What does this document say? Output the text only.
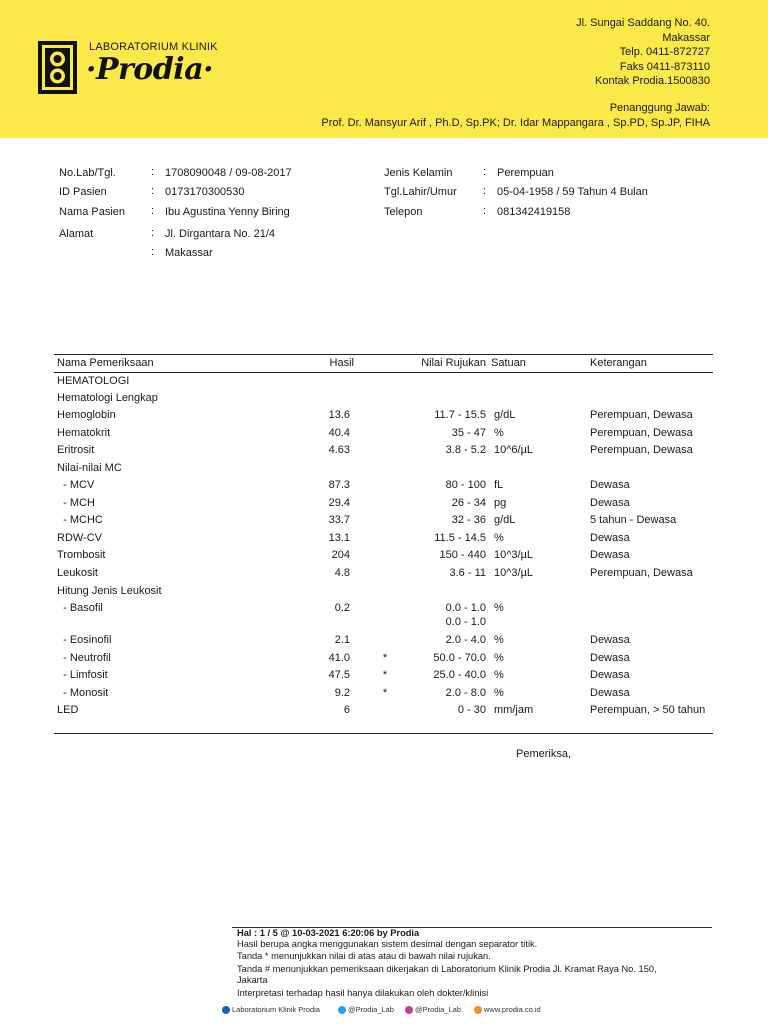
LABORATORIUM KLINIK
·Prodia·
Jl. Sungai Saddang No. 40.
Makassar
Telp. 0411-872727
Faks 0411-873110
Kontak Prodia.1500830
Penanggung Jawab:
Prof. Dr. Mansyur Arif , Ph.D, Sp.PK; Dr. Idar Mappangara , Sp.PD, Sp.JP, FIHA
No.Lab/Tgl.	: 1708090048 / 09-08-2017
ID Pasien	: 0173170300530
Nama Pasien : Ibu Agustina Yenny Biring
Alamat	: Jl. Dirgantara No. 21/4
: Makassar
Jenis Kelamin	: Perempuan
Tgl.Lahir/Umur : 05-04-1958 / 59 Tahun 4 Bulan
Telepon	: 081342419158
Nama Pemeriksaan	Hasil	Nilai Rujukan Satuan	Keterangan
HEMATOLOGI
Hematologi Lengkap
Hemoglobin	13.6	11.7 - 15.5 g/dL	Perempuan, Dewasa
Hematokrit	40.4	35 - 47 %	Perempuan, Dewasa
Eritrosit	4.63	3.8 - 5.2 10^6/µL	Perempuan, Dewasa
Nilai-nilai MC
- MCV	87.3	80 - 100 fL	Dewasa
- MCH	29.4	26 - 34 pg	Dewasa
- MCHC	33.7	32 - 36 g/dL	5 tahun - Dewasa
RDW-CV	13.1	11.5 - 14.5 %	Dewasa
Trombosit	204	150 - 440 10^3/µL	Dewasa
Leukosit	4.8	3.6 - 11 10^3/µL	Perempuan, Dewasa
Hitung Jenis Leukosit
- Basofil	0.2	0.0 - 1.0 %
0.0 - 1.0
- Eosinofil	2.1	2.0 - 4.0 %	Dewasa
- Neutrofil	41.0	*	50.0 - 70.0 %	Dewasa
- Limfosit	47.5	*	25.0 - 40.0 %	Dewasa
- Monosit	9.2	*	2.0 - 8.0 %	Dewasa
LED	6	0 - 30 mm/jam	Perempuan, > 50 tahun
Pemeriksa,
Hal : 1 / 5 @ 10-03-2021 6:20:06 by Prodia
Hasil berupa angka menggunakan sistem desimal dengan separator titik.
Tanda * menunjukkan nilai di atas atau di bawah nilai rujukan.
Tanda # menunjukkan pemeriksaan dikerjakan di Laboratorium Klinik Prodia Jl. Kramat Raya No. 150,
Jakarta
Interpretasi terhadap hasil hanya dilakukan oleh dokter/klinisi
Laboratorium Klinik Prodia	@Prodia_Lab	@Prodia_Lab	www.prodia.co.id
